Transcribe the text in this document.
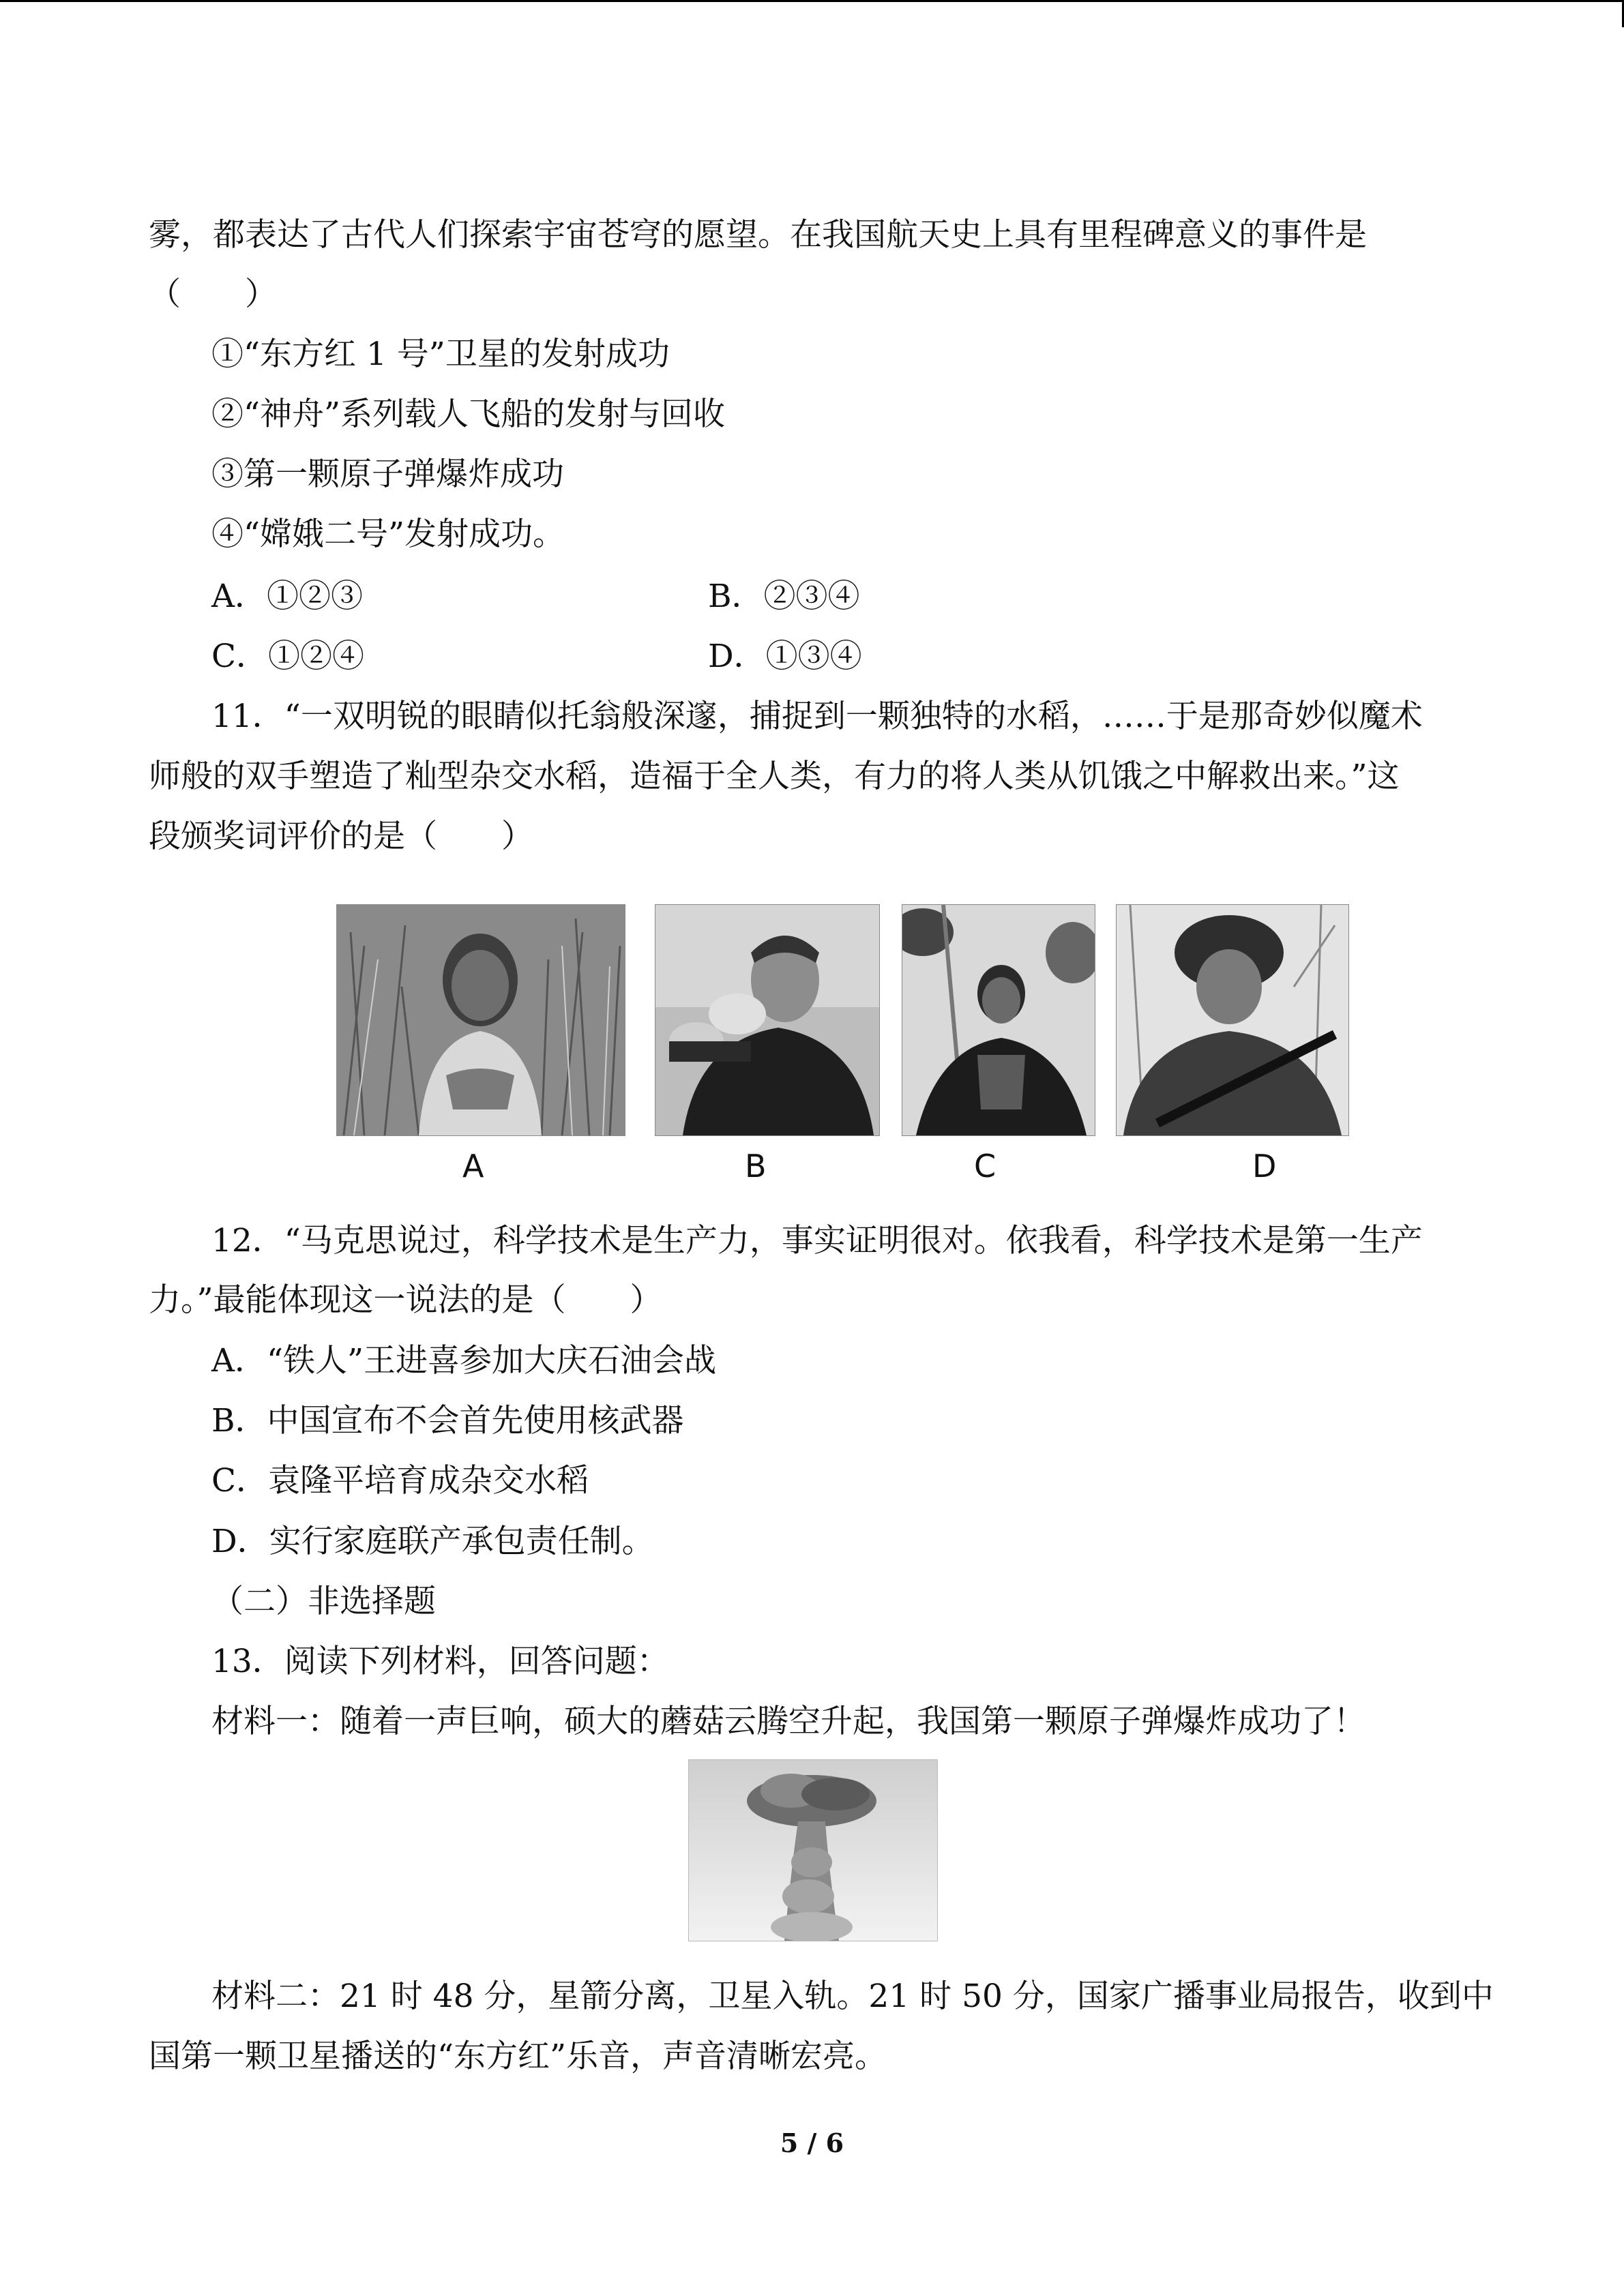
雾，都表达了古代人们探索宇宙苍穹的愿望。在我国航天史上具有里程碑意义的事件是
（　　）
①“东方红 1 号”卫星的发射成功
②“神舟”系列载人飞船的发射与回收
③第一颗原子弹爆炸成功
④“嫦娥二号”发射成功。
A．①②③	B．②③④
C．①②④	D．①③④
11．“一双明锐的眼睛似托翁般深邃，捕捉到一颗独特的水稻，……于是那奇妙似魔术
师般的双手塑造了籼型杂交水稻，造福于全人类，有力的将人类从饥饿之中解救出来。”这
段颁奖词评价的是（　　）
A	B	C	D
12．“马克思说过，科学技术是生产力，事实证明很对。依我看，科学技术是第一生产
力。”最能体现这一说法的是（　　）
A．“铁人”王进喜参加大庆石油会战
B．中国宣布不会首先使用核武器
C．袁隆平培育成杂交水稻
D．实行家庭联产承包责任制。
（二）非选择题
13．阅读下列材料，回答问题：
材料一：随着一声巨响，硕大的蘑菇云腾空升起，我国第一颗原子弹爆炸成功了！
材料二：21 时 48 分，星箭分离，卫星入轨。21 时 50 分，国家广播事业局报告，收到中
国第一颗卫星播送的“东方红”乐音，声音清晰宏亮。
5 / 6
